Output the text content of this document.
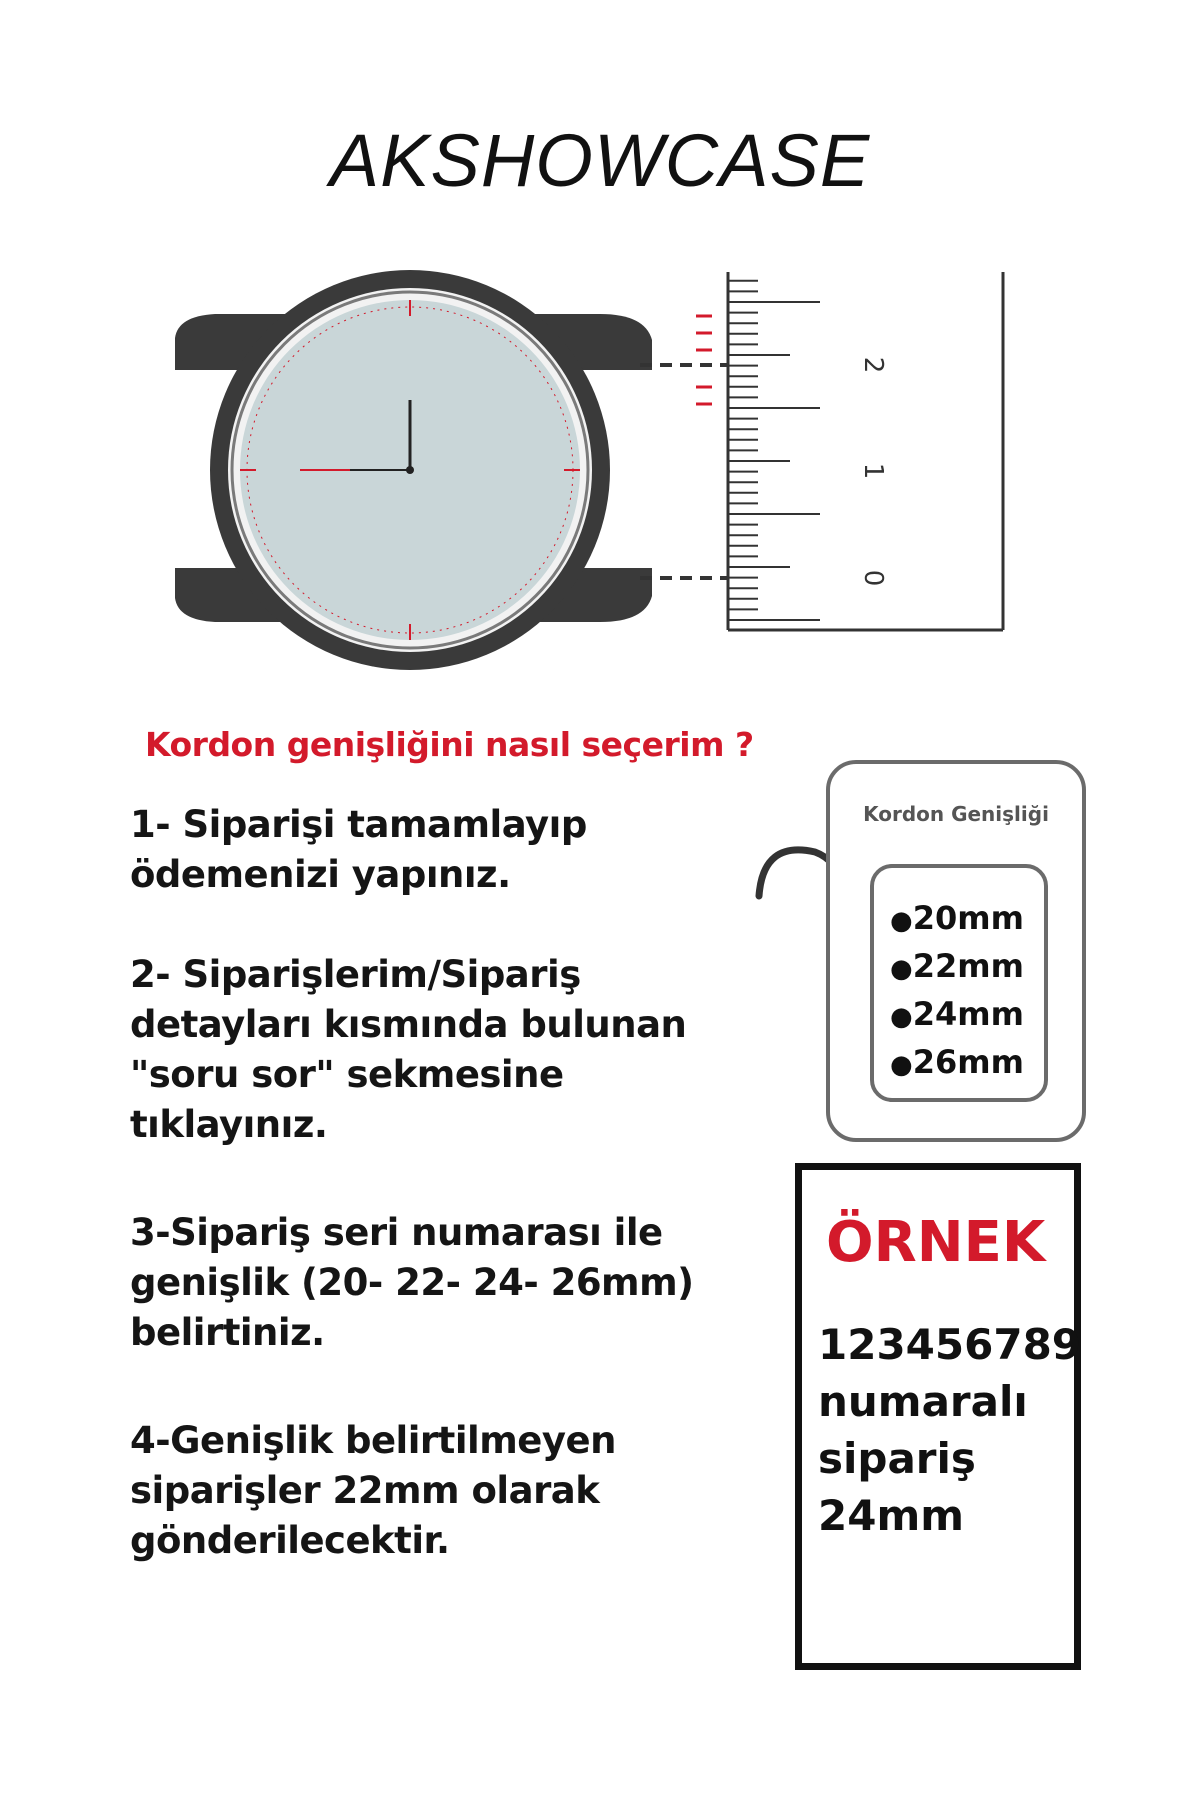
AKSHOWCASE
2
1
0
Kordon genişliğini nasıl seçerim ?
1- Siparişi tamamlayıp
ödemenizi yapınız.
2- Siparişlerim/Sipariş
detayları kısmında bulunan
"soru sor" sekmesine
tıklayınız.
3-Sipariş seri numarası ile
genişlik (20- 22- 24- 26mm)
belirtiniz.
4-Genişlik belirtilmeyen
siparişler 22mm olarak
gönderilecektir.
Kordon Genişliği
●20mm
●22mm
●24mm
●26mm
ÖRNEK
123456789
numaralı
sipariş
24mm
